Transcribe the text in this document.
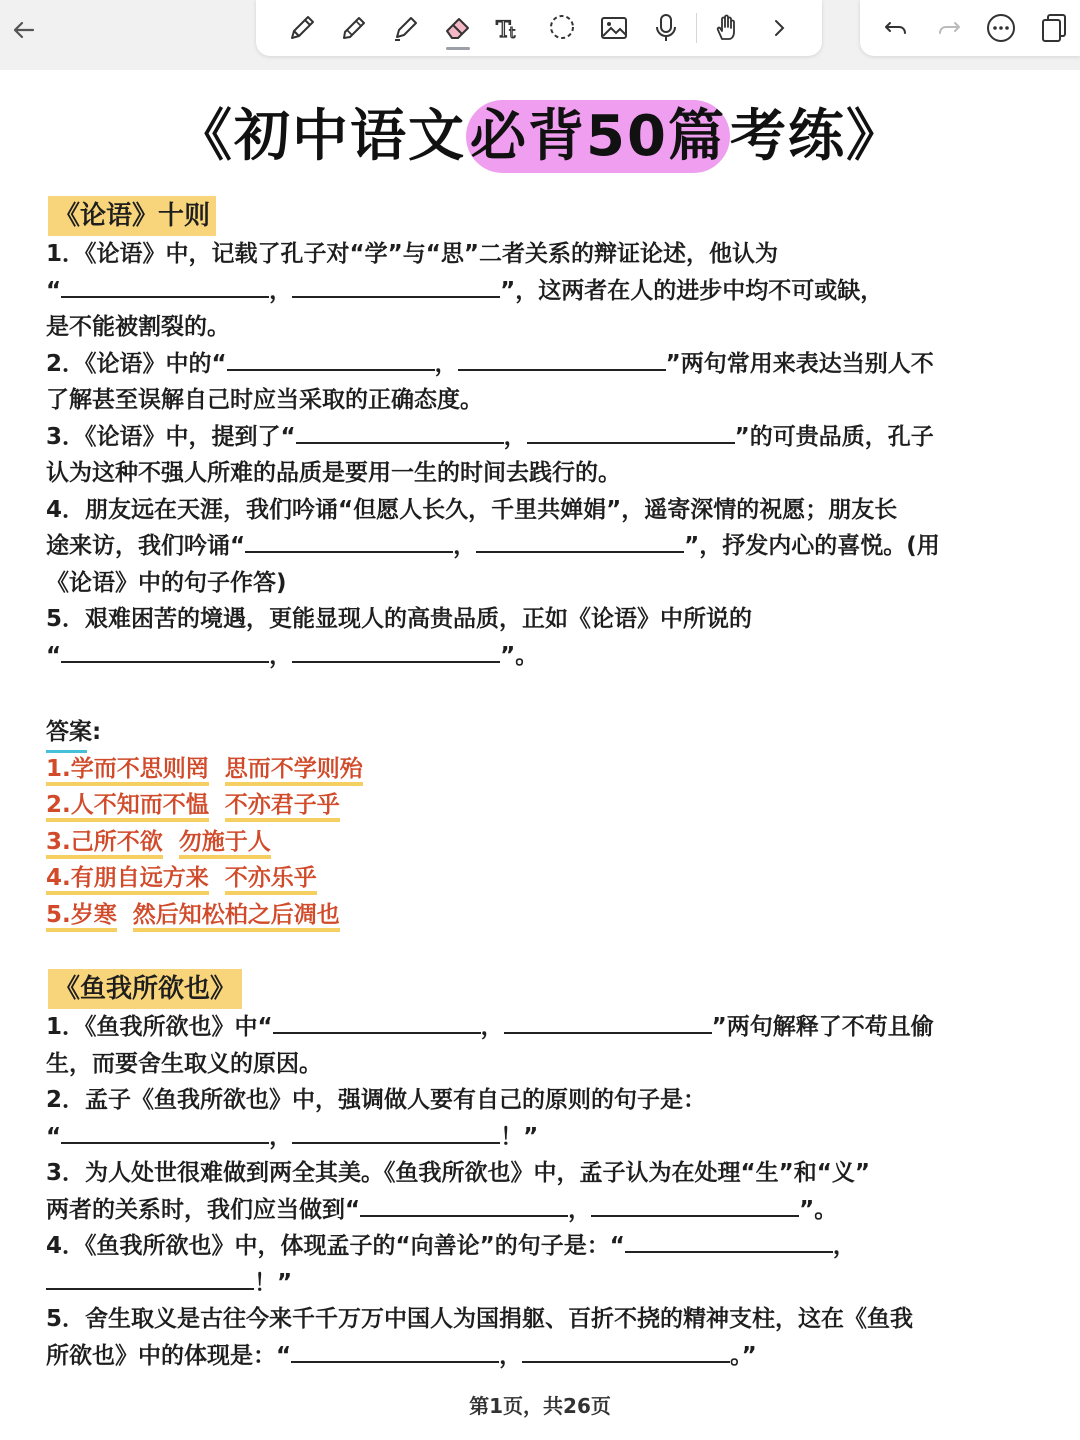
T
t
《初中语文必背50篇考练》
《论语》十则
1．《论语》中，记载了孔子对“学”与“思”二者关系的辩证论述，他认为
“	，	”，这两者在人的进步中均不可或缺，
是不能被割裂的。
2．《论语》中的“	，	”两句常用来表达当别人不
了解甚至误解自己时应当采取的正确态度。
3．《论语》中，提到了“	，	”的可贵品质，孔子
认为这种不强人所难的品质是要用一生的时间去践行的。
4．朋友远在天涯，我们吟诵“但愿人长久，千里共婵娟”，遥寄深情的祝愿；朋友长
途来访，我们吟诵“	，	”，抒发内心的喜悦。(用
《论语》中的句子作答)
5．艰难困苦的境遇，更能显现人的高贵品质，正如《论语》中所说的
“	，	”。
答案:
1.学而不思则罔 思而不学则殆
2.人不知而不愠 不亦君子乎
3.己所不欲 勿施于人
4.有朋自远方来 不亦乐乎
5.岁寒 然后知松柏之后凋也
《鱼我所欲也》
1．《鱼我所欲也》中“	，	”两句解释了不苟且偷
生，而要舍生取义的原因。
2．孟子《鱼我所欲也》中，强调做人要有自己的原则的句子是：
“	，	！”
3．为人处世很难做到两全其美。《鱼我所欲也》中，孟子认为在处理“生”和“义”
两者的关系时，我们应当做到“	，	”。
4．《鱼我所欲也》中，体现孟子的“向善论”的句子是：“	，
！”
5．舍生取义是古往今来千千万万中国人为国捐躯、百折不挠的精神支柱，这在《鱼我
所欲也》中的体现是：“	，	。”
第1页，共26页
